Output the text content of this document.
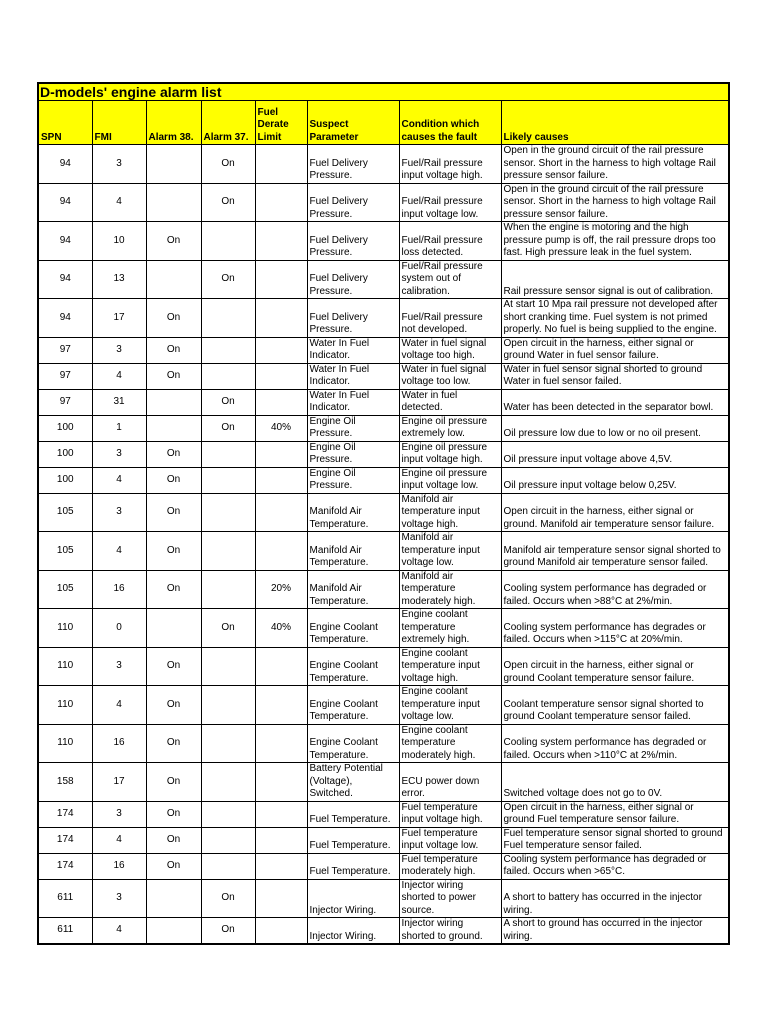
D-models' engine alarm list							
SPN	FMI	Alarm 38.	Alarm 37.	Fuel Derate Limit	Suspect Parameter	Condition which causes the fault	Likely causes
94	3		On		Fuel Delivery Pressure.	Fuel/Rail pressure input voltage high.	Open in the ground circuit of the rail pressure sensor. Short in the harness to high voltage Rail pressure sensor failure.
94	4		On		Fuel Delivery Pressure.	Fuel/Rail pressure input voltage low.	Open in the ground circuit of the rail pressure sensor. Short in the harness to high voltage Rail pressure sensor failure.
94	10	On			Fuel Delivery Pressure.	Fuel/Rail pressure loss detected.	When the engine is motoring and the high pressure pump is off, the rail pressure drops too fast. High pressure leak in the fuel system.
94	13		On		Fuel Delivery Pressure.	Fuel/Rail pressure system out of calibration.	Rail pressure sensor signal is out of calibration.
94	17	On			Fuel Delivery Pressure.	Fuel/Rail pressure not developed.	At start 10 Mpa rail pressure not developed after short cranking time. Fuel system is not primed properly. No fuel is being supplied to the engine.
97	3	On			Water In Fuel Indicator.	Water in fuel signal voltage too high.	Open circuit in the harness, either signal or ground Water in fuel sensor failure.
97	4	On			Water In Fuel Indicator.	Water in fuel signal voltage too low.	Water in fuel sensor signal shorted to ground Water in fuel sensor failed.
97	31		On		Water In Fuel Indicator.	Water in fuel detected.	Water has been detected in the separator bowl.
100	1		On	40%	Engine Oil Pressure.	Engine oil pressure extremely low.	Oil pressure low due to low or no oil present.
100	3	On			Engine Oil Pressure.	Engine oil pressure input voltage high.	Oil pressure input voltage above 4,5V.
100	4	On			Engine Oil Pressure.	Engine oil pressure input voltage low.	Oil pressure input voltage below 0,25V.
105	3	On			Manifold Air Temperature.	Manifold air temperature input voltage high.	Open circuit in the harness, either signal or ground. Manifold air temperature sensor failure.
105	4	On			Manifold Air Temperature.	Manifold air temperature input voltage low.	Manifold air temperature sensor signal shorted to ground Manifold air temperature sensor failed.
105	16	On		20%	Manifold Air Temperature.	Manifold air temperature moderately high.	Cooling system performance has degraded or failed. Occurs when >88°C at 2%/min.
110	0		On	40%	Engine Coolant Temperature.	Engine coolant temperature extremely high.	Cooling system performance has degrades or failed. Occurs when >115°C at 20%/min.
110	3	On			Engine Coolant Temperature.	Engine coolant temperature input voltage high.	Open circuit in the harness, either signal or ground Coolant temperature sensor failure.
110	4	On			Engine Coolant Temperature.	Engine coolant temperature input voltage low.	Coolant temperature sensor signal shorted to ground Coolant temperature sensor failed.
110	16	On			Engine Coolant Temperature.	Engine coolant temperature moderately high.	Cooling system performance has degraded or failed. Occurs when >110°C at 2%/min.
158	17	On			Battery Potential (Voltage), Switched.	ECU power down error.	Switched voltage does not go to 0V.
174	3	On			Fuel Temperature.	Fuel temperature input voltage high.	Open circuit in the harness, either signal or ground Fuel temperature sensor failure.
174	4	On			Fuel Temperature.	Fuel temperature input voltage low.	Fuel temperature sensor signal shorted to ground Fuel temperature sensor failed.
174	16	On			Fuel Temperature.	Fuel temperature moderately high.	Cooling system performance has degraded or failed. Occurs when >65°C.
611	3		On		Injector Wiring.	Injector wiring shorted to power source.	A short to battery has occurred in the injector wiring.
611	4		On		Injector Wiring.	Injector wiring shorted to ground.	A short to ground has occurred in the injector wiring.
